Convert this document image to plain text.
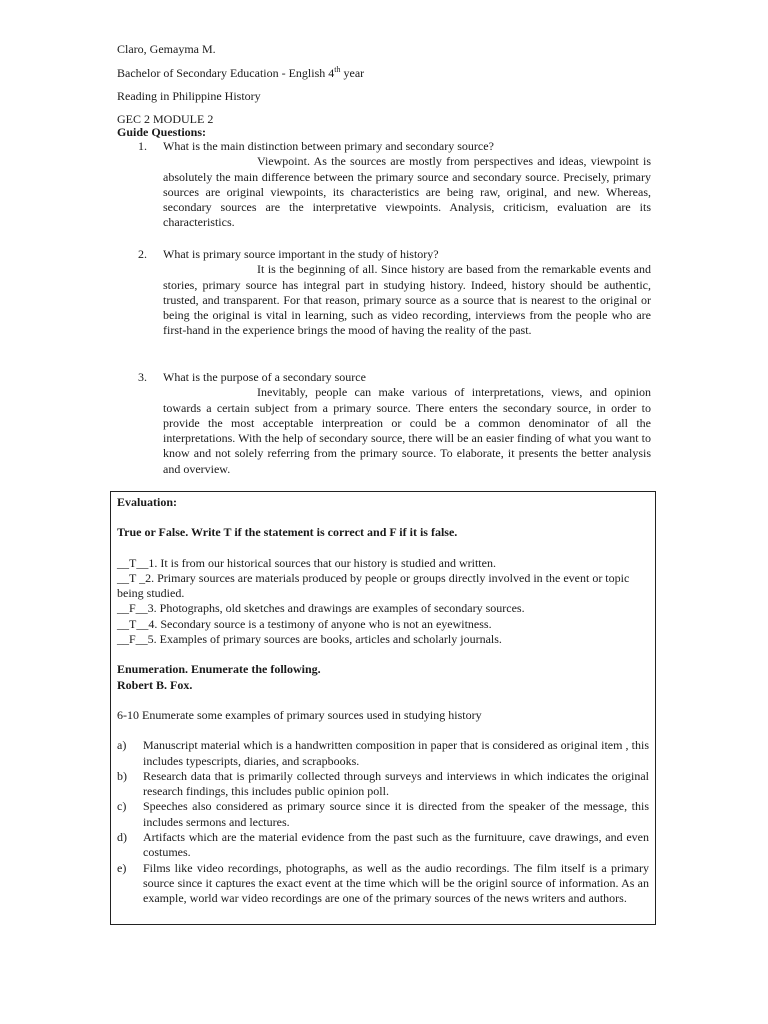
Claro, Gemayma M.
Bachelor of Secondary Education - English 4th year
Reading in Philippine History
GEC 2 MODULE 2
Guide Questions:
1.	What is the main distinction between primary and secondary source?
Viewpoint. As the sources are mostly from perspectives and ideas, viewpoint is absolutely the main difference between the primary source and secondary source. Precisely, primary sources are original viewpoints, its characteristics are being raw, original, and new. Whereas, secondary sources are the interpretative viewpoints. Analysis, criticism, evaluation are its characteristics.
2.	What is primary source important in the study of history?
It is the beginning of all. Since history are based from the remarkable events and stories, primary source has integral part in studying history. Indeed, history should be authentic, trusted, and transparent. For that reason, primary source as a source that is nearest to the original or being the original is vital in learning, such as video recording, interviews from the people who are first-hand in the experience brings the mood of having the reality of the past.
3.	What is the purpose of a secondary source
Inevitably, people can make various of interpretations, views, and opinion towards a certain subject from a primary source. There enters the secondary source, in order to provide the most acceptable interpreation or could be a common denominator of all the interpretations. With the help of secondary source, there will be an easier finding of what you want to know and not solely referring from the primary source. To elaborate, it presents the better analysis and overview.

Evaluation:

True or False. Write T if the statement is correct and F if it is false.

__T__1. It is from our historical sources that our history is studied and written.

__T _2. Primary sources are materials produced by people or groups directly involved in the event or topic being studied.

__F__3. Photographs, old sketches and drawings are examples of secondary sources.

__T__4. Secondary source is a testimony of anyone who is not an eyewitness.

__F__5. Examples of primary sources are books, articles and scholarly journals.

Enumeration. Enumerate the following.

Robert B. Fox.

6-10 Enumerate some examples of primary sources used in studying history

a)	Manuscript material which is a handwritten composition in paper that is considered as original item , this includes typescripts, diaries, and scrapbooks.
b)	Research data that is primarily collected through surveys and interviews in which indicates the original research findings, this includes public opinion poll.
c)	Speeches also considered as primary source since it is directed from the speaker of the message, this includes sermons and lectures.
d)	Artifacts which are the material evidence from the past such as the furnituure, cave drawings, and even costumes.
e)	Films like video recordings, photographs, as well as the audio recordings. The film itself is a primary source since it captures the exact event at the time which will be the originl source of information. As an example, world war video recordings are one of the primary sources of the news writers and authors.
